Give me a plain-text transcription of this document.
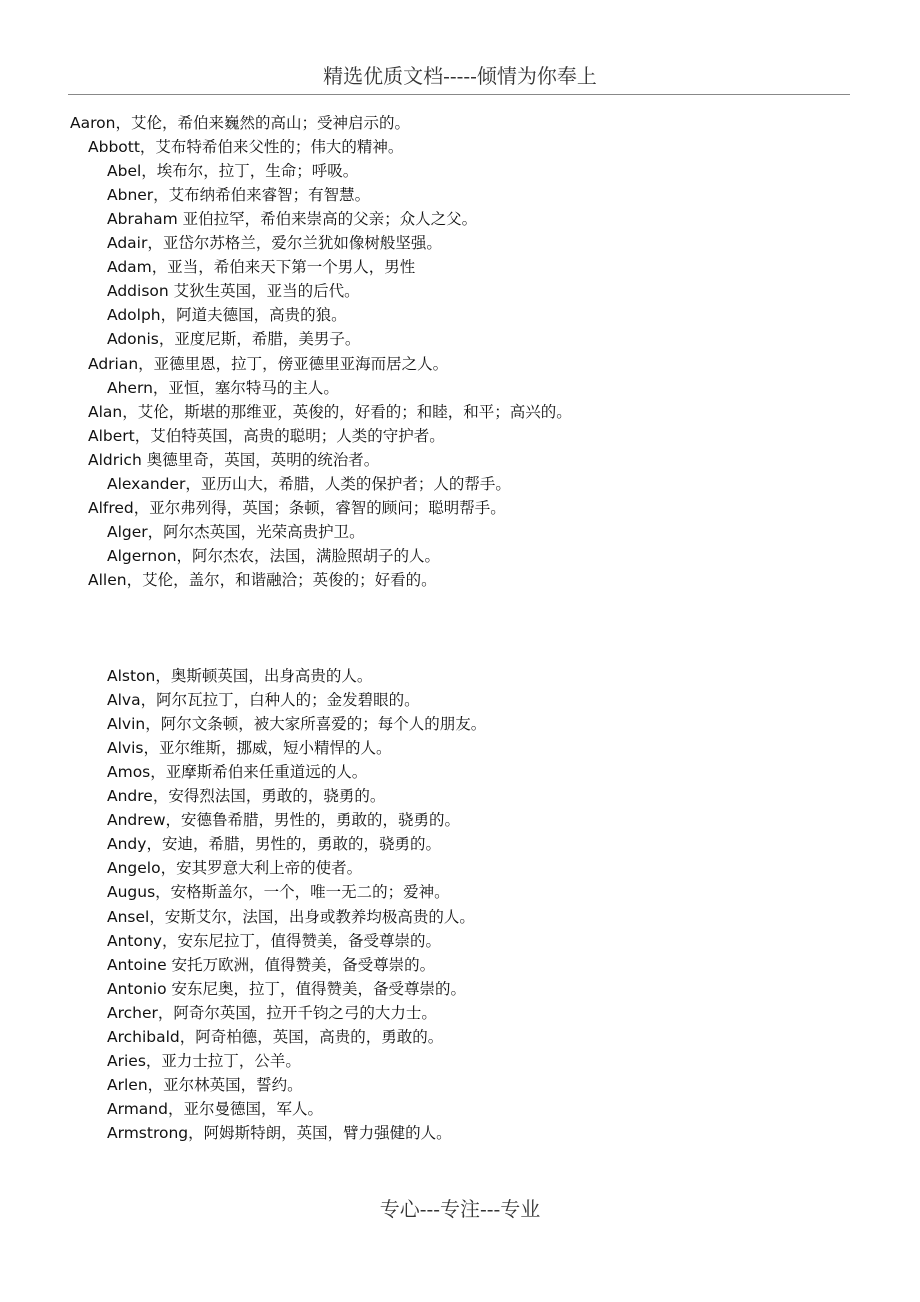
精选优质文档-----倾情为你奉上
Aaron，艾伦，希伯来巍然的高山；受神启示的。
Abbott，艾布特希伯来父性的；伟大的精神。
Abel，埃布尔，拉丁，生命；呼吸。
Abner，艾布纳希伯来睿智；有智慧。
Abraham 亚伯拉罕，希伯来崇高的父亲；众人之父。
Adair，亚岱尔苏格兰，爱尔兰犹如像树般坚强。
Adam，亚当，希伯来天下第一个男人，男性
Addison 艾狄生英国，亚当的后代。
Adolph，阿道夫德国，高贵的狼。
Adonis，亚度尼斯，希腊，美男子。
Adrian，亚德里恩，拉丁，傍亚德里亚海而居之人。
Ahern，亚恒，塞尔特马的主人。
Alan，艾伦，斯堪的那维亚，英俊的，好看的；和睦，和平；高兴的。
Albert，艾伯特英国，高贵的聪明；人类的守护者。
Aldrich 奥德里奇，英国，英明的统治者。
Alexander，亚历山大，希腊，人类的保护者；人的帮手。
Alfred，亚尔弗列得，英国；条顿，睿智的顾问；聪明帮手。
Alger，阿尔杰英国，光荣高贵护卫。
Algernon，阿尔杰农，法国，满脸照胡子的人。
Allen，艾伦，盖尔，和谐融洽；英俊的；好看的。
Alston，奥斯顿英国，出身高贵的人。
Alva，阿尔瓦拉丁，白种人的；金发碧眼的。
Alvin，阿尔文条顿，被大家所喜爱的；每个人的朋友。
Alvis，亚尔维斯，挪威，短小精悍的人。
Amos，亚摩斯希伯来任重道远的人。
Andre，安得烈法国，勇敢的，骁勇的。
Andrew，安德鲁希腊，男性的，勇敢的，骁勇的。
Andy，安迪，希腊，男性的，勇敢的，骁勇的。
Angelo，安其罗意大利上帝的使者。
Augus，安格斯盖尔，一个，唯一无二的；爱神。
Ansel，安斯艾尔，法国，出身或教养均极高贵的人。
Antony，安东尼拉丁，值得赞美，备受尊崇的。
Antoine 安托万欧洲，值得赞美，备受尊崇的。
Antonio 安东尼奥，拉丁，值得赞美，备受尊崇的。
Archer，阿奇尔英国，拉开千钧之弓的大力士。
Archibald，阿奇柏德，英国，高贵的，勇敢的。
Aries，亚力士拉丁，公羊。
Arlen，亚尔林英国，誓约。
Armand，亚尔曼德国，军人。
Armstrong，阿姆斯特朗，英国，臂力强健的人。
专心---专注---专业
